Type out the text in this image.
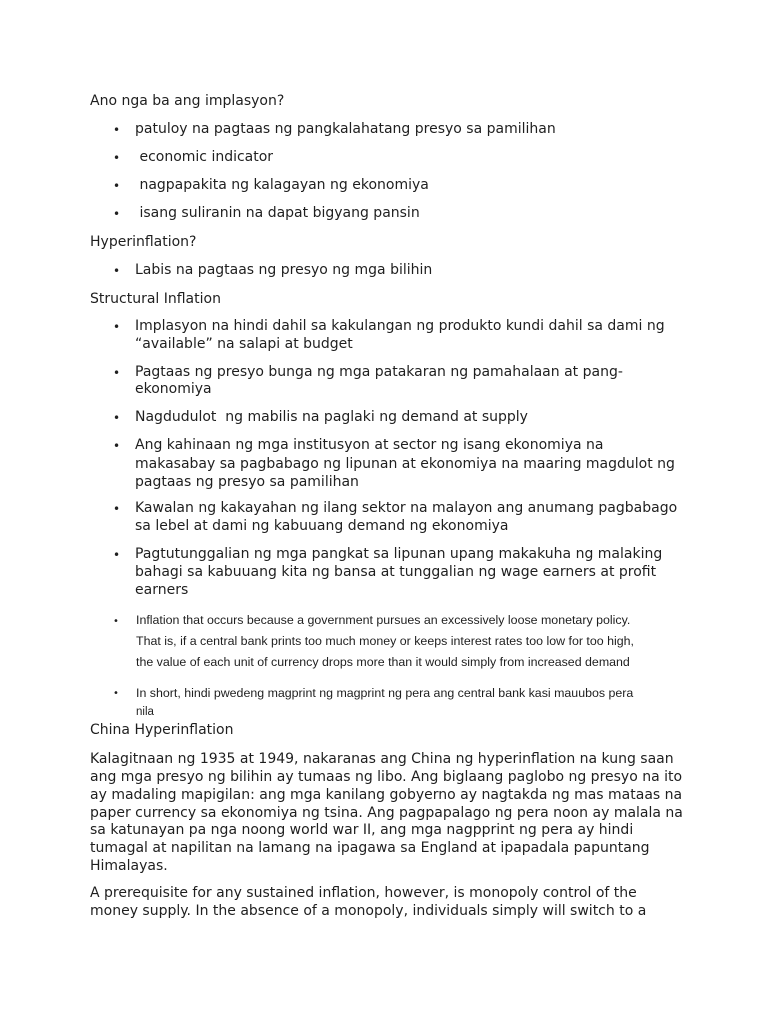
Ano nga ba ang implasyon?
• patuloy na pagtaas ng pangkalahatang presyo sa pamilihan
• economic indicator
• nagpapakita ng kalagayan ng ekonomiya
• isang suliranin na dapat bigyang pansin
Hyperinflation?
• Labis na pagtaas ng presyo ng mga bilihin
Structural Inflation
• Implasyon na hindi dahil sa kakulangan ng produkto kundi dahil sa dami ng
“available” na salapi at budget
• Pagtaas ng presyo bunga ng mga patakaran ng pamahalaan at pang-
ekonomiya
• Nagdudulot  ng mabilis na paglaki ng demand at supply
• Ang kahinaan ng mga institusyon at sector ng isang ekonomiya na
makasabay sa pagbabago ng lipunan at ekonomiya na maaring magdulot ng
pagtaas ng presyo sa pamilihan
• Kawalan ng kakayahan ng ilang sektor na malayon ang anumang pagbabago
sa lebel at dami ng kabuuang demand ng ekonomiya
• Pagtutunggalian ng mga pangkat sa lipunan upang makakuha ng malaking
bahagi sa kabuuang kita ng bansa at tunggalian ng wage earners at profit
earners
• Inflation that occurs because a government pursues an excessively loose monetary policy.
That is, if a central bank prints too much money or keeps interest rates too low for too high,
the value of each unit of currency drops more than it would simply from increased demand
• In short, hindi pwedeng magprint ng magprint ng pera ang central bank kasi mauubos pera
nila
China Hyperinflation
Kalagitnaan ng 1935 at 1949, nakaranas ang China ng hyperinflation na kung saan
ang mga presyo ng bilihin ay tumaas ng libo. Ang biglaang paglobo ng presyo na ito
ay madaling mapigilan: ang mga kanilang gobyerno ay nagtakda ng mas mataas na
paper currency sa ekonomiya ng tsina. Ang pagpapalago ng pera noon ay malala na
sa katunayan pa nga noong world war II, ang mga nagpprint ng pera ay hindi
tumagal at napilitan na lamang na ipagawa sa England at ipapadala papuntang
Himalayas.
A prerequisite for any sustained inflation, however, is monopoly control of the
money supply. In the absence of a monopoly, individuals simply will switch to a
